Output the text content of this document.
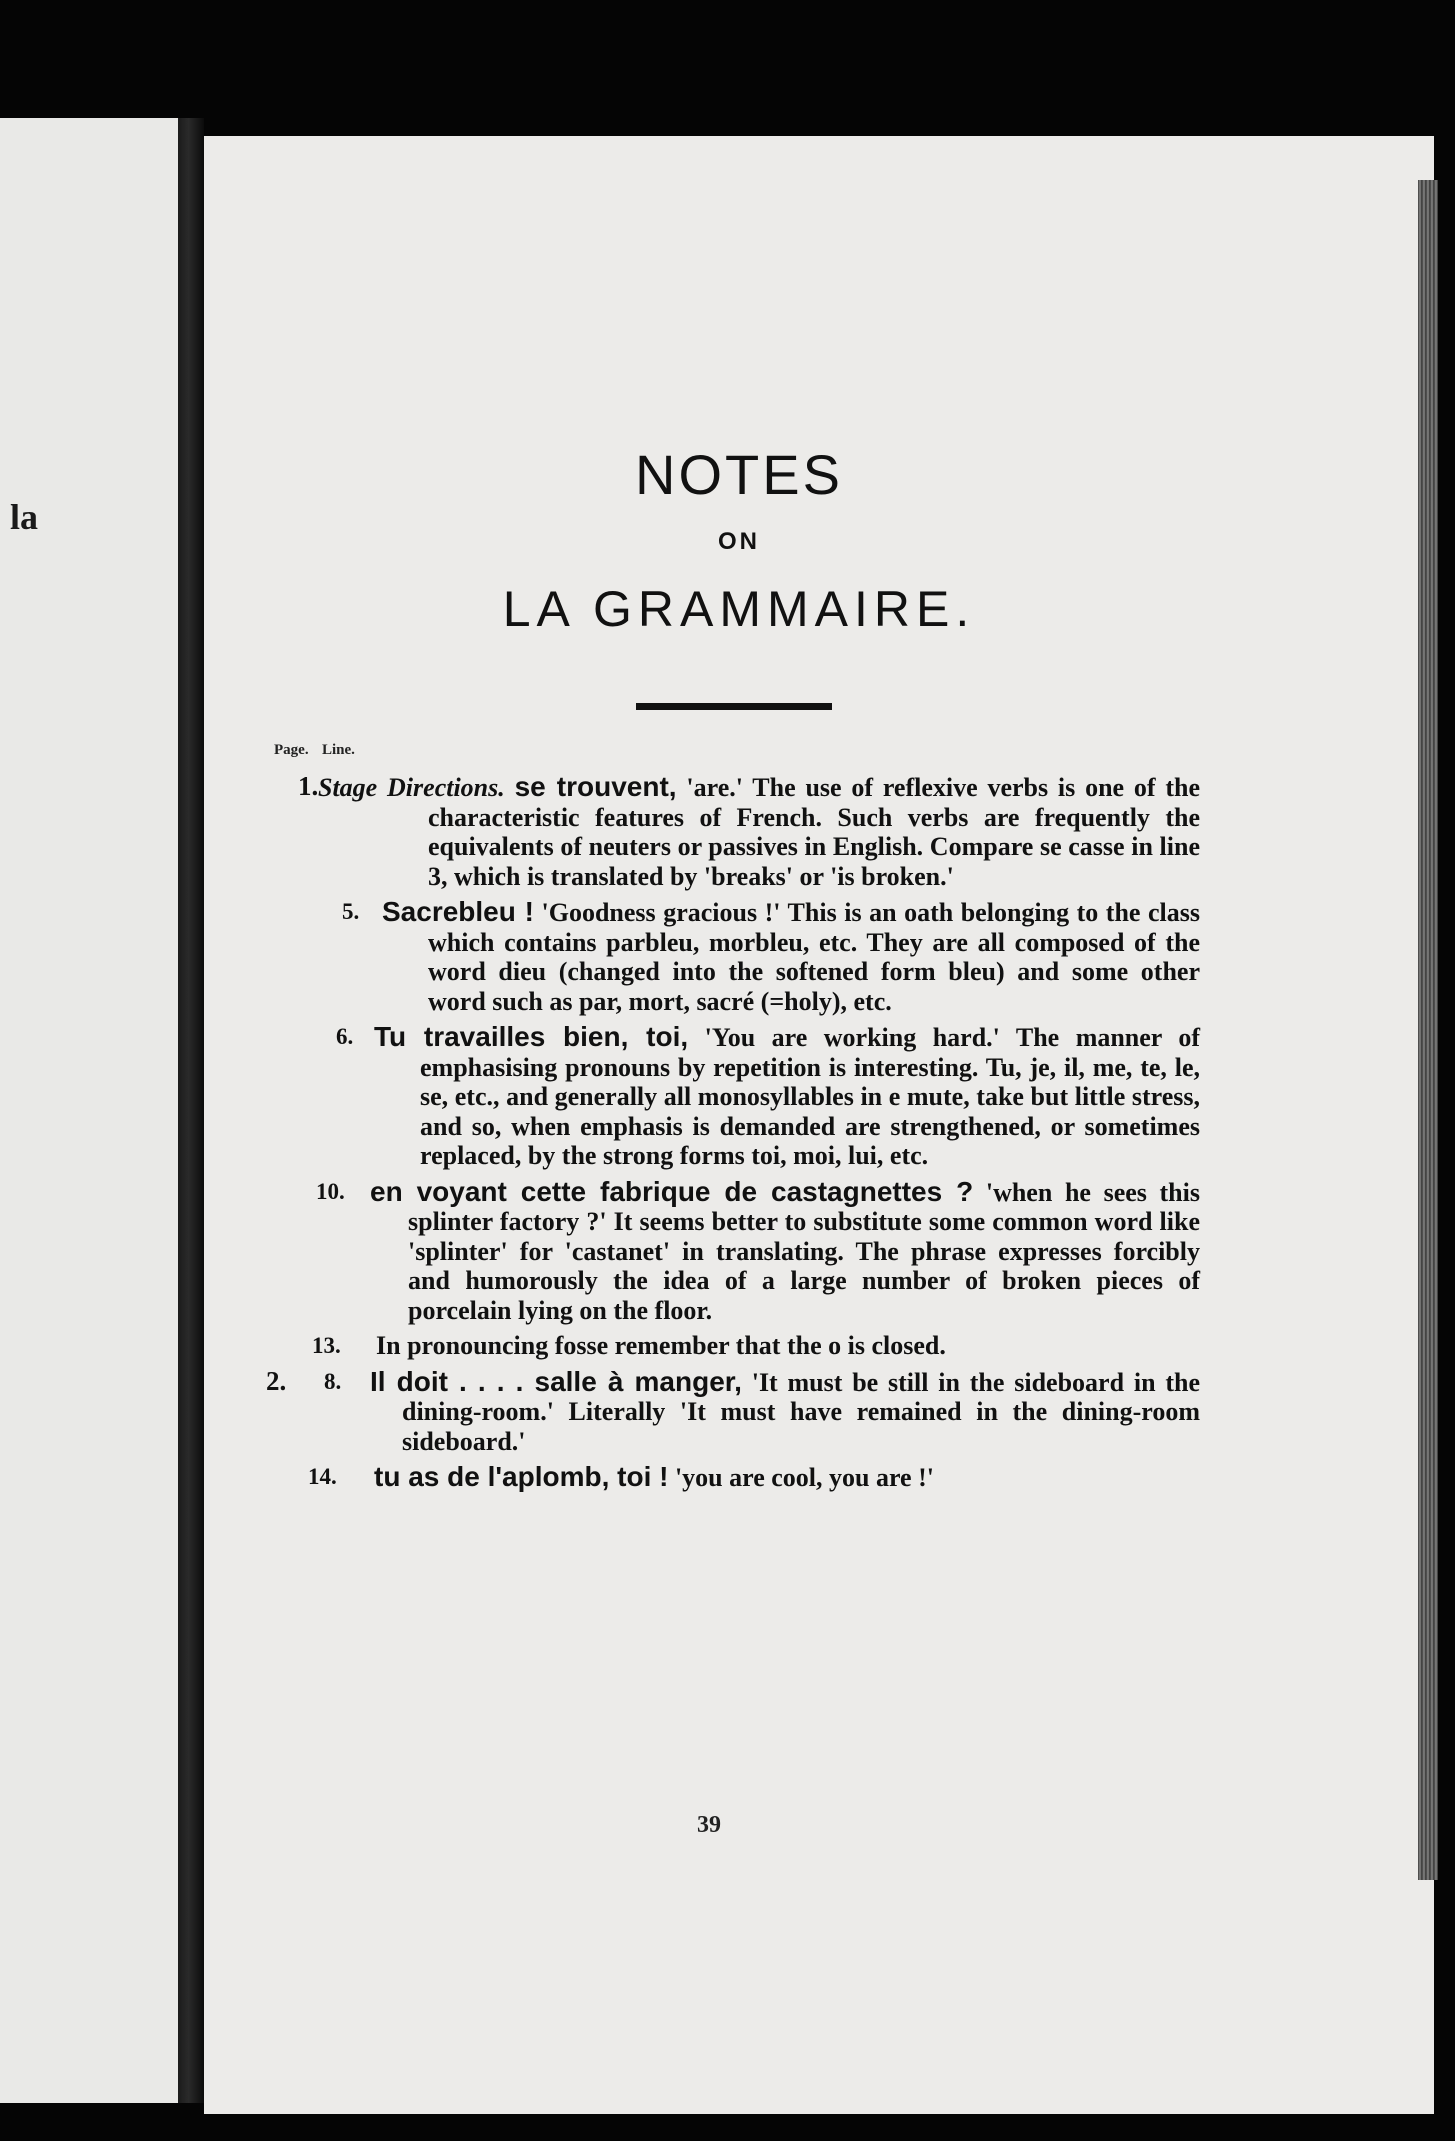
la
NOTES
ON
LA GRAMMAIRE.
Page. Line.
1. Stage Directions. se trouvent, 'are.' The use of reflexive verbs is one of the characteristic features of French. Such verbs are frequently the equivalents of neuters or passives in English. Compare se casse in line 3, which is translated by 'breaks' or 'is broken.'
5. Sacrebleu ! 'Goodness gracious !' This is an oath belonging to the class which contains parbleu, morbleu, etc. They are all composed of the word dieu (changed into the softened form bleu) and some other word such as par, mort, sacré (=holy), etc.
6. Tu travailles bien, toi, 'You are working hard.' The manner of emphasising pronouns by repetition is interesting. Tu, je, il, me, te, le, se, etc., and generally all monosyllables in e mute, take but little stress, and so, when emphasis is demanded are strengthened, or sometimes replaced, by the strong forms toi, moi, lui, etc.
10. en voyant cette fabrique de castagnettes ? 'when he sees this splinter factory ?' It seems better to substitute some common word like 'splinter' for 'castanet' in translating. The phrase expresses forcibly and humorously the idea of a large number of broken pieces of porcelain lying on the floor.
13.	In pronouncing fosse remember that the o is closed.
2. 8.	Il doit . . . . salle à manger, 'It must be still in the sideboard in the dining-room.' Literally 'It must have remained in the dining-room sideboard.'
14.	tu as de l'aplomb, toi ! 'you are cool, you are !'
39
